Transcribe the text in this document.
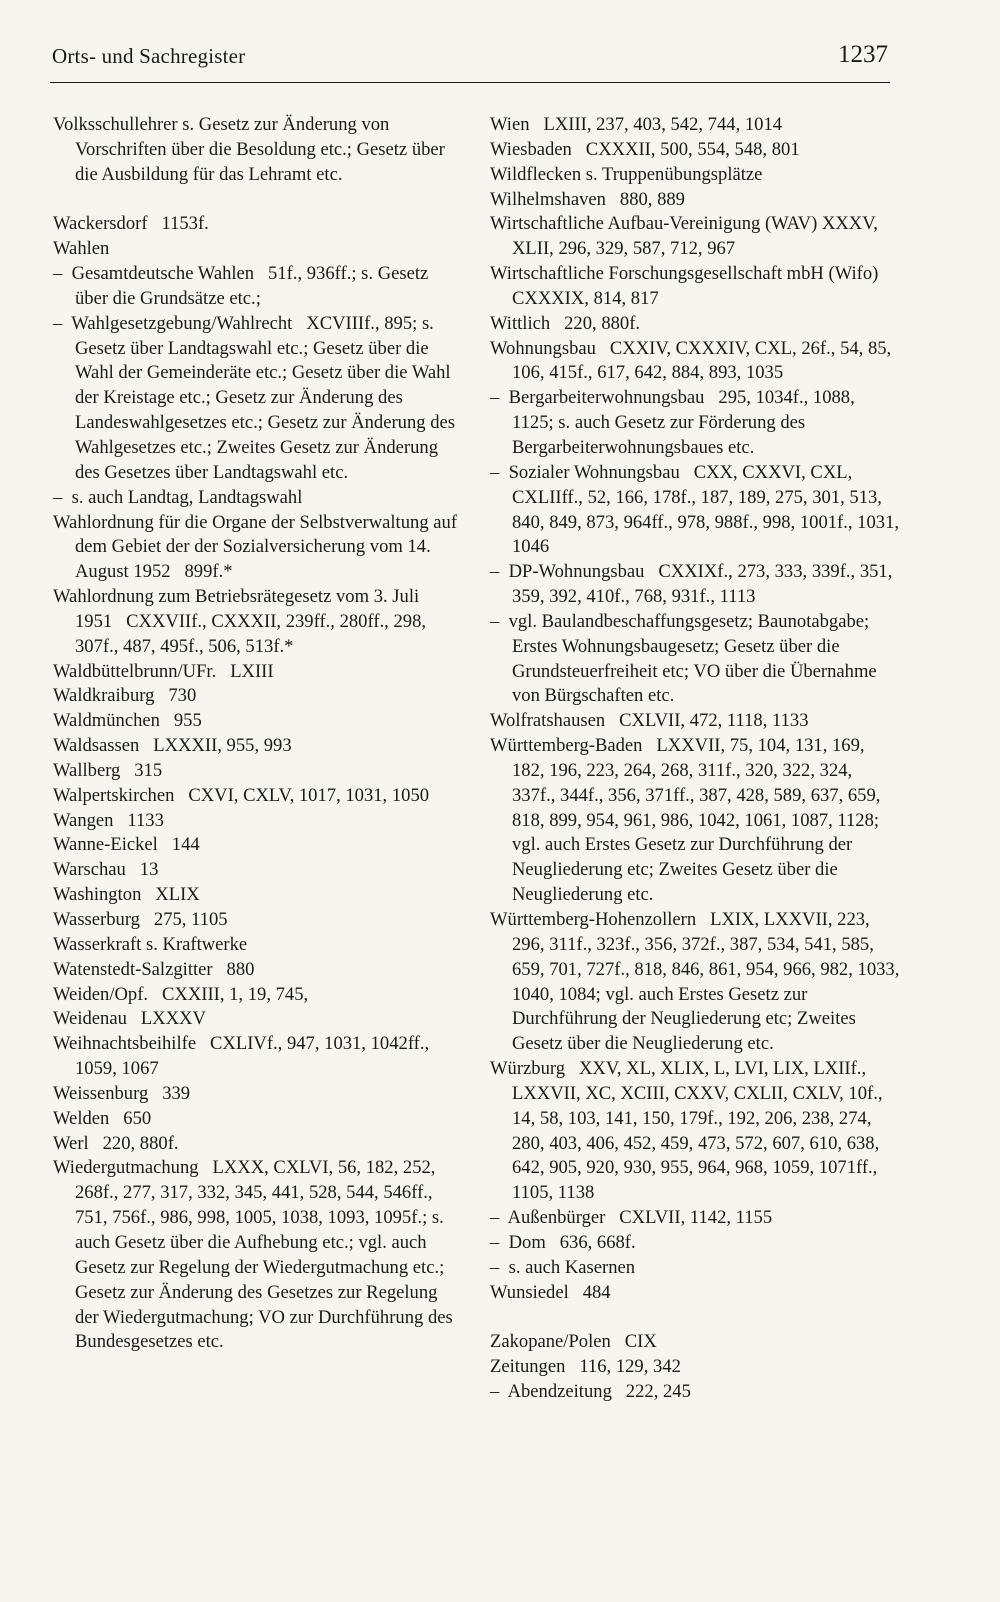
Orts- und Sachregister	1237
Volksschullehrer s. Gesetz zur Änderung von Vorschriften über die Besoldung etc.; Gesetz über die Ausbildung für das Lehramt etc.
Wackersdorf   1153f.
Wahlen
–  Gesamtdeutsche Wahlen   51f., 936ff.; s. Gesetz über die Grundsätze etc.;
–  Wahlgesetzgebung/Wahlrecht   XCVIIIf., 895; s. Gesetz über Landtagswahl etc.; Gesetz über die Wahl der Gemeinderäte etc.; Gesetz über die Wahl der Kreistage etc.; Gesetz zur Änderung des Landeswahlgesetzes etc.; Gesetz zur Änderung des Wahlgesetzes etc.; Zweites Gesetz zur Änderung des Gesetzes über Landtagswahl etc.
–  s. auch Landtag, Landtagswahl
Wahlordnung für die Organe der Selbstverwaltung auf dem Gebiet der der Sozialversicherung vom 14. August 1952   899f.*
Wahlordnung zum Betriebsrätegesetz vom 3. Juli 1951   CXXVIIf., CXXXII, 239ff., 280ff., 298, 307f., 487, 495f., 506, 513f.*
Waldbüttelbrunn/UFr.   LXIII
Waldkraiburg   730
Waldmünchen   955
Waldsassen   LXXXII, 955, 993
Wallberg   315
Walpertskirchen   CXVI, CXLV, 1017, 1031, 1050
Wangen   1133
Wanne-Eickel   144
Warschau   13
Washington   XLIX
Wasserburg   275, 1105
Wasserkraft s. Kraftwerke
Watenstedt-Salzgitter   880
Weiden/Opf.   CXXIII, 1, 19, 745,
Weidenau   LXXXV
Weihnachtsbeihilfe   CXLIVf., 947, 1031, 1042ff., 1059, 1067
Weissenburg   339
Welden   650
Werl   220, 880f.
Wiedergutmachung   LXXX, CXLVI, 56, 182, 252, 268f., 277, 317, 332, 345, 441, 528, 544, 546ff., 751, 756f., 986, 998, 1005, 1038, 1093, 1095f.; s. auch Gesetz über die Aufhebung etc.; vgl. auch Gesetz zur Regelung der Wiedergutmachung etc.; Gesetz zur Änderung des Gesetzes zur Regelung der Wiedergutmachung; VO zur Durchführung des Bundesgesetzes etc.
Wien   LXIII, 237, 403, 542, 744, 1014
Wiesbaden   CXXXII, 500, 554, 548, 801
Wildflecken s. Truppenübungsplätze
Wilhelmshaven   880, 889
Wirtschaftliche Aufbau-Vereinigung (WAV) XXXV, XLII, 296, 329, 587, 712, 967
Wirtschaftliche Forschungsgesellschaft mbH (Wifo)   CXXXIX, 814, 817
Wittlich   220, 880f.
Wohnungsbau   CXXIV, CXXXIV, CXL, 26f., 54, 85, 106, 415f., 617, 642, 884, 893, 1035
–  Bergarbeiterwohnungsbau   295, 1034f., 1088, 1125; s. auch Gesetz zur Förderung des Bergarbeiterwohnungsbaues etc.
–  Sozialer Wohnungsbau   CXX, CXXVI, CXL, CXLIIff., 52, 166, 178f., 187, 189, 275, 301, 513, 840, 849, 873, 964ff., 978, 988f., 998, 1001f., 1031, 1046
–  DP-Wohnungsbau   CXXIXf., 273, 333, 339f., 351, 359, 392, 410f., 768, 931f., 1113
–  vgl. Baulandbeschaffungsgesetz; Baunotabgabe; Erstes Wohnungsbaugesetz; Gesetz über die Grundsteuerfreiheit etc; VO über die Übernahme von Bürgschaften etc.
Wolfratshausen   CXLVII, 472, 1118, 1133
Württemberg-Baden   LXXVII, 75, 104, 131, 169, 182, 196, 223, 264, 268, 311f., 320, 322, 324, 337f., 344f., 356, 371ff., 387, 428, 589, 637, 659, 818, 899, 954, 961, 986, 1042, 1061, 1087, 1128; vgl. auch Erstes Gesetz zur Durchführung der Neugliederung etc; Zweites Gesetz über die Neugliederung etc.
Württemberg-Hohenzollern   LXIX, LXXVII, 223, 296, 311f., 323f., 356, 372f., 387, 534, 541, 585, 659, 701, 727f., 818, 846, 861, 954, 966, 982, 1033, 1040, 1084; vgl. auch Erstes Gesetz zur Durchführung der Neugliederung etc; Zweites Gesetz über die Neugliederung etc.
Würzburg   XXV, XL, XLIX, L, LVI, LIX, LXIIf., LXXVII, XC, XCIII, CXXV, CXLII, CXLV, 10f., 14, 58, 103, 141, 150, 179f., 192, 206, 238, 274, 280, 403, 406, 452, 459, 473, 572, 607, 610, 638, 642, 905, 920, 930, 955, 964, 968, 1059, 1071ff., 1105, 1138
–  Außenbürger   CXLVII, 1142, 1155
–  Dom   636, 668f.
–  s. auch Kasernen
Wunsiedel   484
Zakopane/Polen   CIX
Zeitungen   116, 129, 342
–  Abendzeitung   222, 245
